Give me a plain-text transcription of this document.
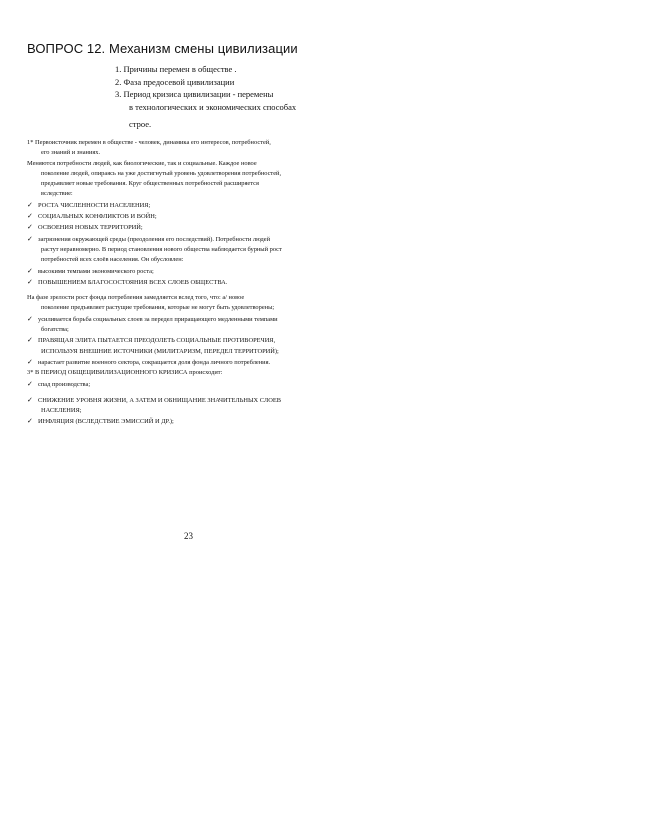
ВОПРОС 12. Механизм смены цивилизации
1. Причины перемен в обществе .
2. Фаза предосевой цивилизации
3. Период кризиса цивилизации - перемены
в технологических и экономических способах
строе.
1* Первоисточник перемен в обществе - человек, динамика его интересов, потребностей,
его знаний и знаниях.
Меняются потребности людей, как биологические, так и социальные. Каждое новое
поколение людей, опираясь на уже достигнутый уровень удовлетворения потребностей,
предъявляет новые требования. Круг общественных потребностей расширяется
вследствие:
✓ РОСТА ЧИСЛЕННОСТИ НАСЕЛЕНИЯ;
✓ СОЦИАЛЬНЫХ КОНФЛИКТОВ И ВОЙН;
✓ ОСВОЕНИЯ НОВЫХ ТЕРРИТОРИЙ;
✓ загрязнения окружающей среды (преодоления его последствий). Потребности людей
растут неравномерно. В период становления нового общества наблюдается бурный рост
потребностей всех слоёв населения. Он обусловлен:
✓ высокими темпами экономического роста;
✓ ПОВЫШЕНИЕМ БЛАГОСОСТОЯНИЯ ВСЕХ СЛОЕВ ОБЩЕСТВА.
На фазе зрелости рост фонда потребления замедляется вслед того, что: а/ новое
поколение предъявляет растущие требования, которые не могут быть удовлетворены;
✓ усиливается борьба социальных слоев за передел приращающего медленными темпами
богатства;
✓ ПРАВЯЩАЯ ЭЛИТА ПЫТАЕТСЯ ПРЕОДОЛЕТЬ СОЦИАЛЬНЫЕ ПРОТИВОРЕЧИЯ,
ИСПОЛЬЗУЯ ВНЕШНИЕ ИСТОЧНИКИ (МИЛИТАРИЗМ, ПЕРЕДЕЛ ТЕРРИТОРИЙ);
✓ нарастает развитие военного сектора, сокращается доля фонда личного потребления.
3* В ПЕРИОД ОБЩЕЦИВИЛИЗАЦИОННОГО КРИЗИСА происходит:
✓ спад производства;
✓ СНИЖЕНИЕ УРОВНЯ ЖИЗНИ, А ЗАТЕМ И ОБНИЩАНИЕ ЗНАЧИТЕЛЬНЫХ СЛОЕВ
НАСЕЛЕНИЯ;
✓ ИНФЛЯЦИЯ (ВСЛЕДСТВИЕ ЭМИССИЙ И ДР.);
23
